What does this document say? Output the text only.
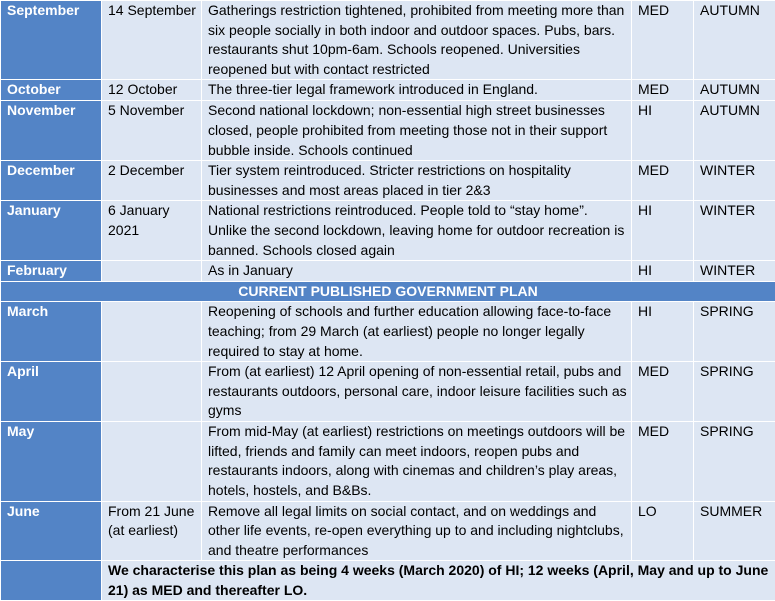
September	14 September	Gatherings restriction tightened, prohibited from meeting more than six people socially in both indoor and outdoor spaces. Pubs, bars. restaurants shut 10pm-6am. Schools reopened. Universities reopened but with contact restricted	MED	AUTUMN
October	12 October	The three-tier legal framework introduced in England.	MED	AUTUMN
November	5 November	Second national lockdown; non-essential high street businesses closed, people prohibited from meeting those not in their support bubble inside. Schools continued	HI	AUTUMN
December	2 December	Tier system reintroduced. Stricter restrictions on hospitality businesses and most areas placed in tier 2&3	MED	WINTER
January	6 January 2021	National restrictions reintroduced. People told to “stay home”. Unlike the second lockdown, leaving home for outdoor recreation is banned. Schools closed again	HI	WINTER
February		As in January	HI	WINTER
CURRENT PUBLISHED GOVERNMENT PLAN				
March		Reopening of schools and further education allowing face-to-face teaching; from 29 March (at earliest) people no longer legally required to stay at home.	HI	SPRING
April		From (at earliest) 12 April opening of non-essential retail, pubs and restaurants outdoors, personal care, indoor leisure facilities such as gyms	MED	SPRING
May		From mid-May (at earliest) restrictions on meetings outdoors will be lifted, friends and family can meet indoors, reopen pubs and restaurants indoors, along with cinemas and children’s play areas, hotels, hostels, and B&Bs.	MED	SPRING
June	From 21 June (at earliest)	Remove all legal limits on social contact, and on weddings and other life events, re-open everything up to and including nightclubs, and theatre performances	LO	SUMMER
	We characterise this plan as being 4 weeks (March 2020) of HI; 12 weeks (April, May and up to June 21) as MED and thereafter LO.			
